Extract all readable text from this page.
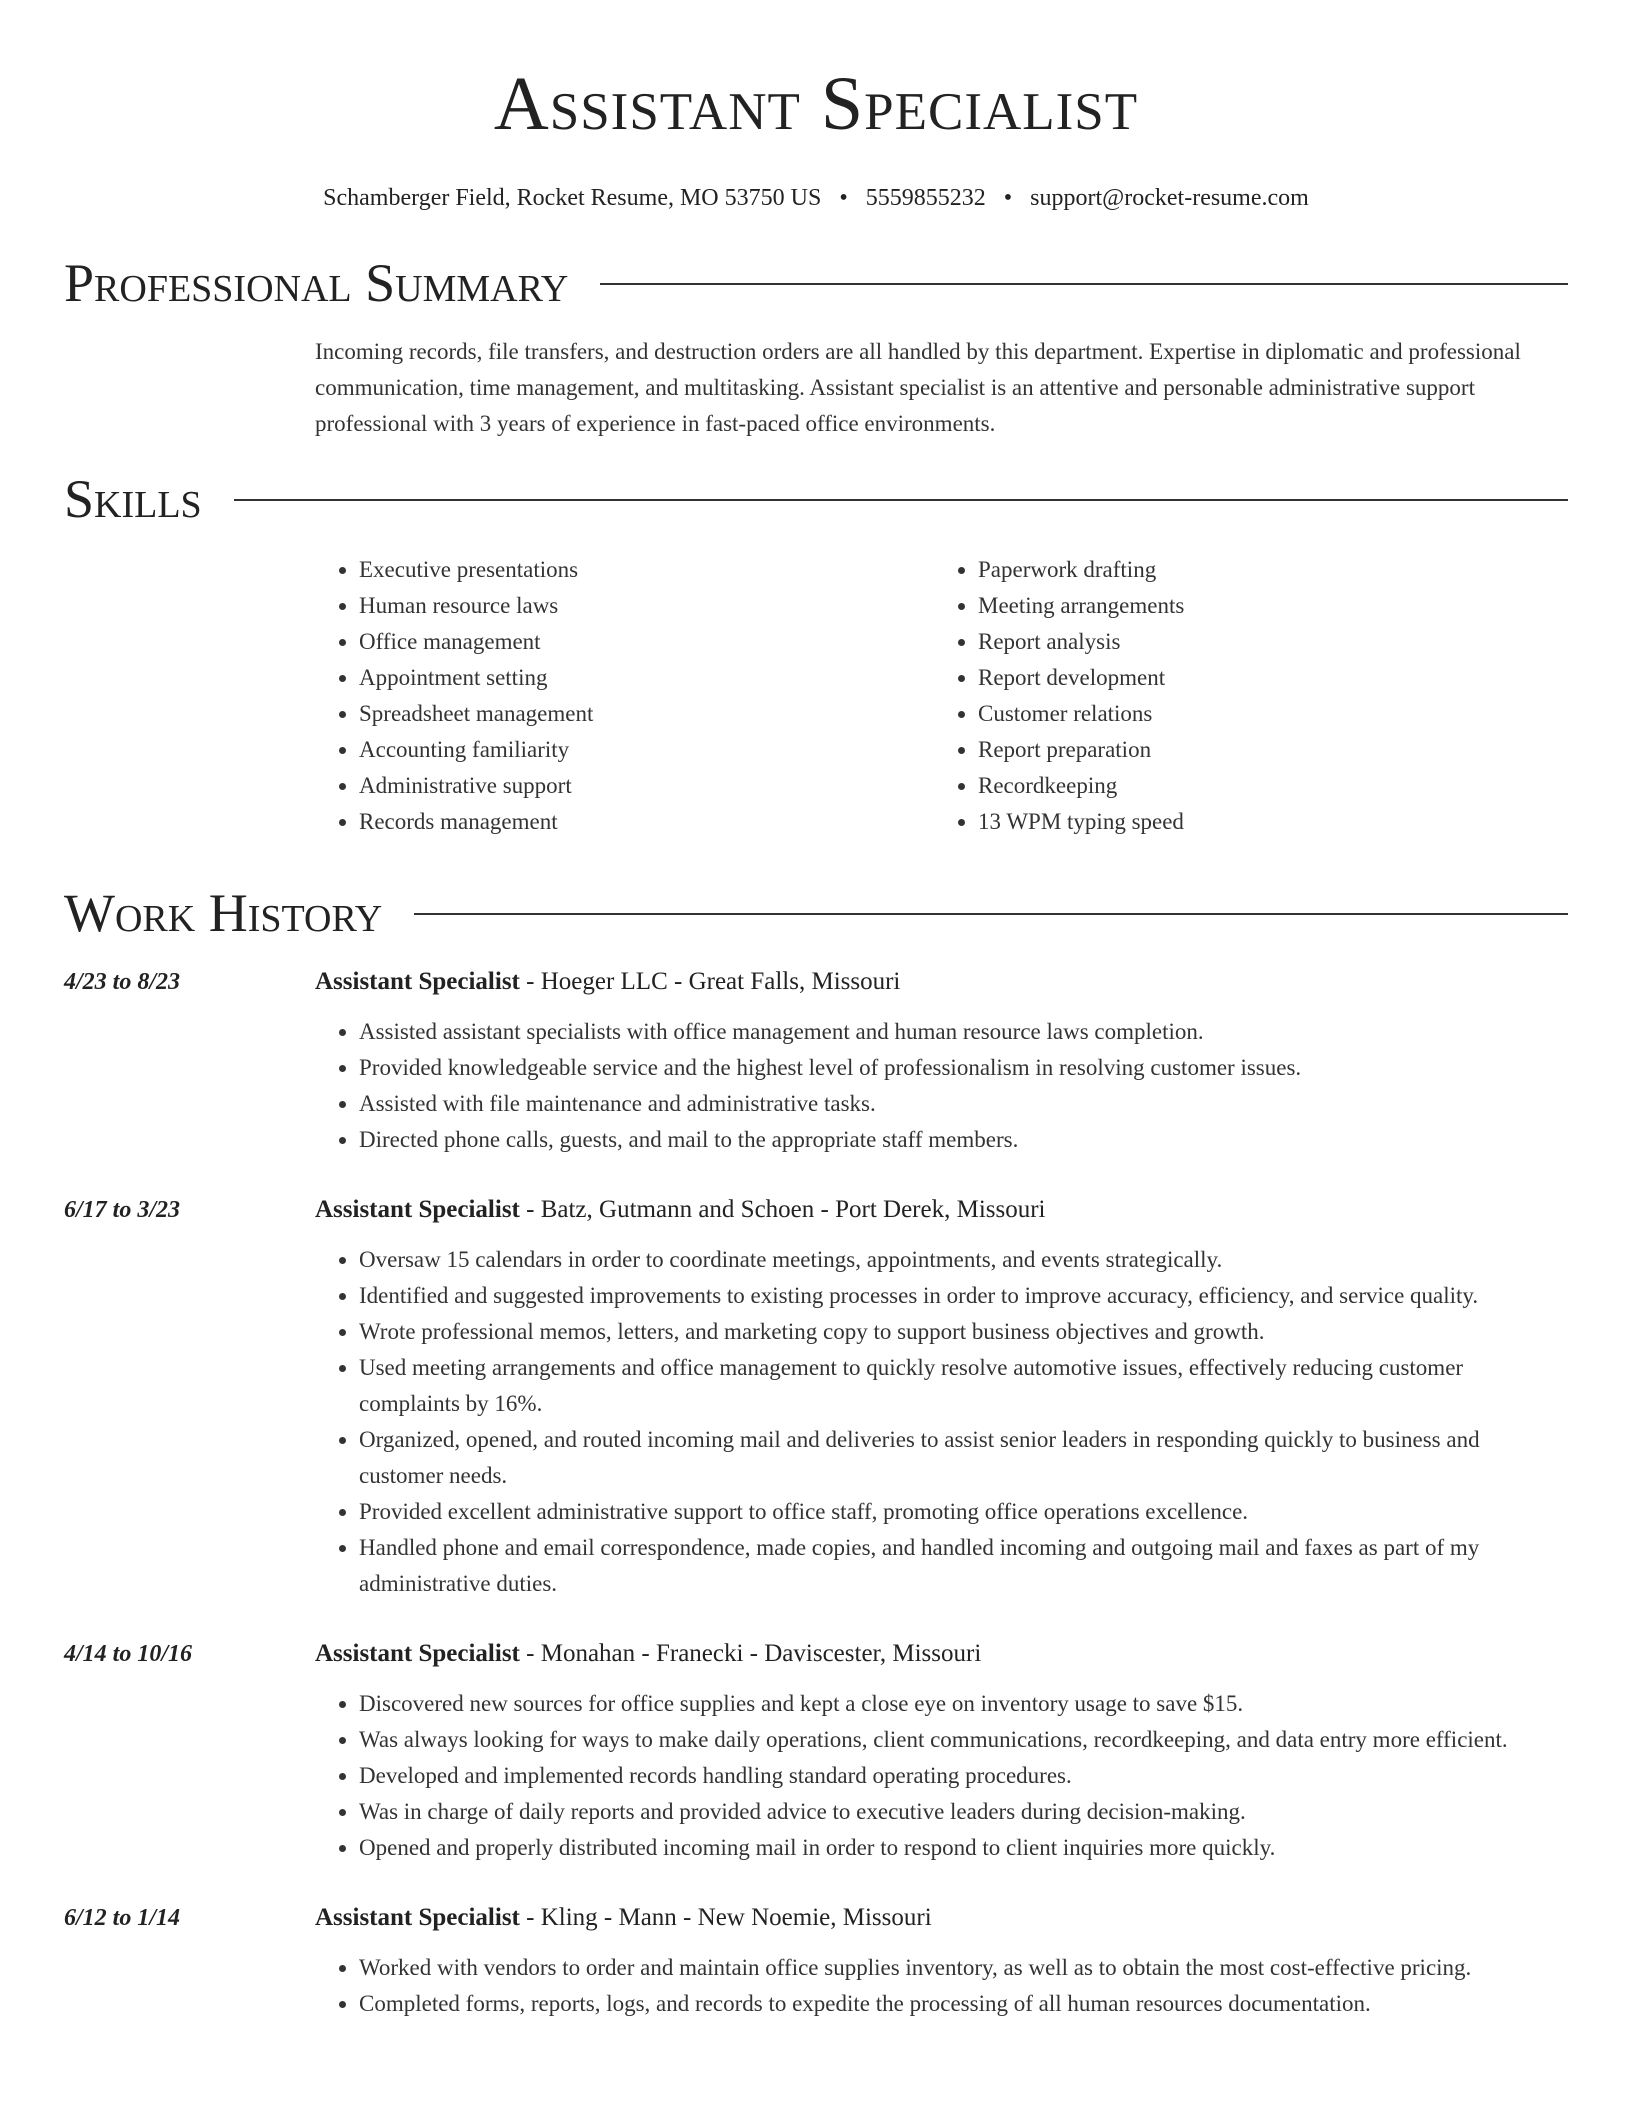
Assistant Specialist
Schamberger Field, Rocket Resume, MO 53750 US • 5559855232 • support@rocket-resume.com
Professional Summary
Incoming records, file transfers, and destruction orders are all handled by this department. Expertise in diplomatic and professional communication, time management, and multitasking. Assistant specialist is an attentive and personable administrative support professional with 3 years of experience in fast-paced office environments.
Skills
• Executive presentations
• Human resource laws
• Office management
• Appointment setting
• Spreadsheet management
• Accounting familiarity
• Administrative support
• Records management
• Paperwork drafting
• Meeting arrangements
• Report analysis
• Report development
• Customer relations
• Report preparation
• Recordkeeping
• 13 WPM typing speed
Work History
4/23 to 8/23	Assistant Specialist - Hoeger LLC - Great Falls, Missouri
• Assisted assistant specialists with office management and human resource laws completion.
• Provided knowledgeable service and the highest level of professionalism in resolving customer issues.
• Assisted with file maintenance and administrative tasks.
• Directed phone calls, guests, and mail to the appropriate staff members.
6/17 to 3/23	Assistant Specialist - Batz, Gutmann and Schoen - Port Derek, Missouri
• Oversaw 15 calendars in order to coordinate meetings, appointments, and events strategically.
• Identified and suggested improvements to existing processes in order to improve accuracy, efficiency, and service quality.
• Wrote professional memos, letters, and marketing copy to support business objectives and growth.
• Used meeting arrangements and office management to quickly resolve automotive issues, effectively reducing customer complaints by 16%.
• Organized, opened, and routed incoming mail and deliveries to assist senior leaders in responding quickly to business and customer needs.
• Provided excellent administrative support to office staff, promoting office operations excellence.
• Handled phone and email correspondence, made copies, and handled incoming and outgoing mail and faxes as part of my administrative duties.
4/14 to 10/16	Assistant Specialist - Monahan - Franecki - Daviscester, Missouri
• Discovered new sources for office supplies and kept a close eye on inventory usage to save $15.
• Was always looking for ways to make daily operations, client communications, recordkeeping, and data entry more efficient.
• Developed and implemented records handling standard operating procedures.
• Was in charge of daily reports and provided advice to executive leaders during decision-making.
• Opened and properly distributed incoming mail in order to respond to client inquiries more quickly.
6/12 to 1/14	Assistant Specialist - Kling - Mann - New Noemie, Missouri
• Worked with vendors to order and maintain office supplies inventory, as well as to obtain the most cost-effective pricing.
• Completed forms, reports, logs, and records to expedite the processing of all human resources documentation.
